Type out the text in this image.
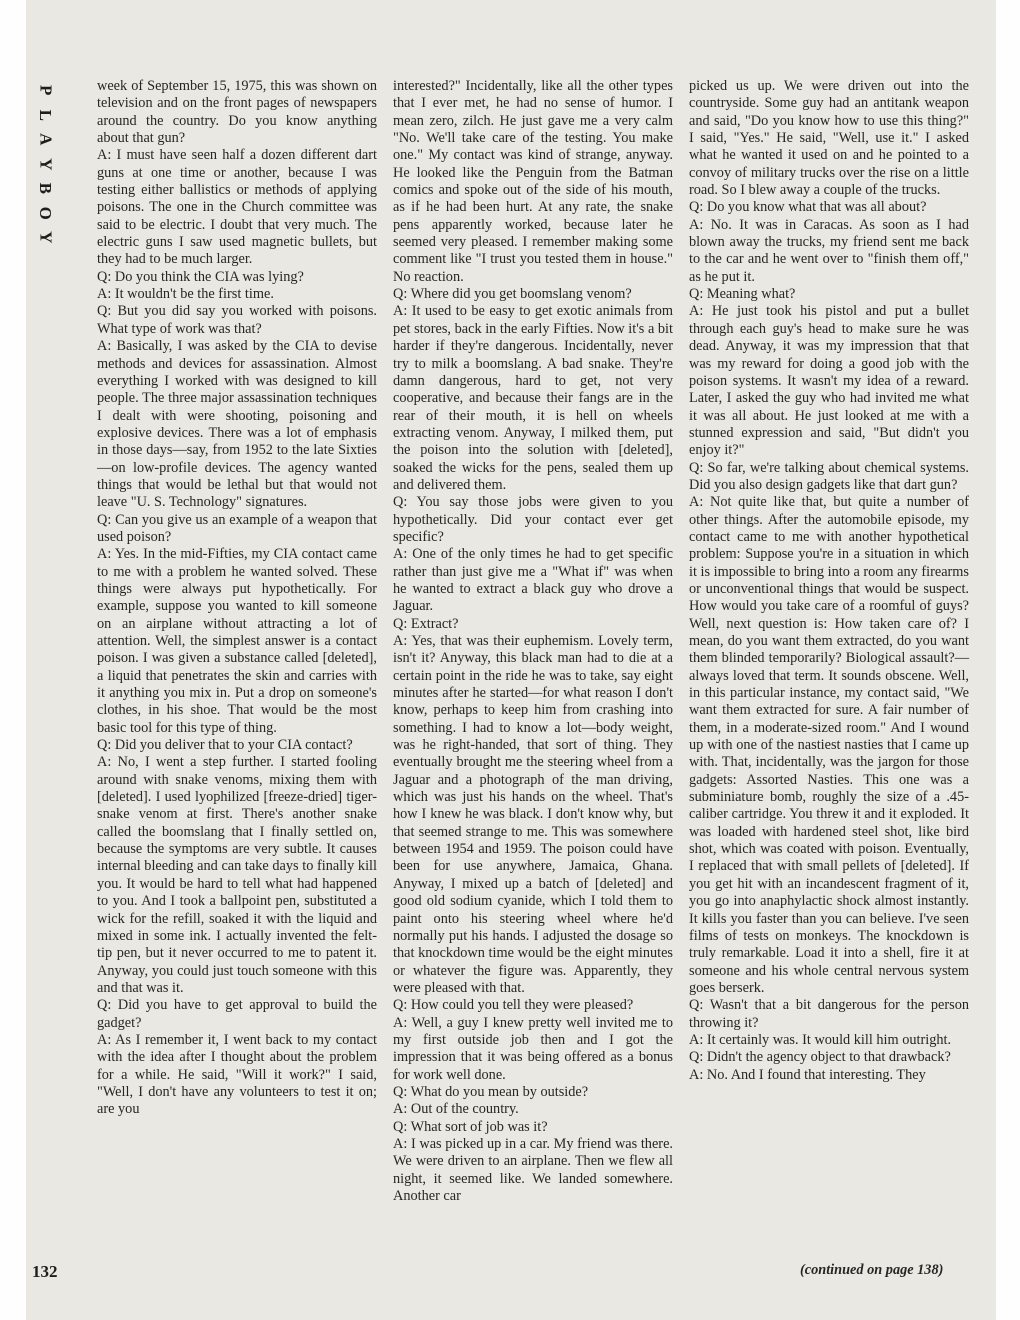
P
L
A
Y
B
O
Y
132

week of September 15, 1975, this was shown on television and on the front pages of newspapers around the country. Do you know anything about that gun?

A: I must have seen half a dozen different dart guns at one time or another, because I was testing either ballistics or methods of applying poisons. The one in the Church committee was said to be electric. I doubt that very much. The electric guns I saw used magnetic bullets, but they had to be much larger.

Q: Do you think the CIA was lying?

A: It wouldn't be the first time.

Q: But you did say you worked with poisons. What type of work was that?

A: Basically, I was asked by the CIA to devise methods and devices for assassination. Almost everything I worked with was designed to kill people. The three major assassination techniques I dealt with were shooting, poisoning and explosive devices. There was a lot of emphasis in those days—say, from 1952 to the late Sixties—on low-profile devices. The agency wanted things that would be lethal but that would not leave "U. S. Technology" signatures.

Q: Can you give us an example of a weapon that used poison?

A: Yes. In the mid-Fifties, my CIA contact came to me with a problem he wanted solved. These things were always put hypothetically. For example, suppose you wanted to kill someone on an airplane without attracting a lot of attention. Well, the simplest answer is a contact poison. I was given a substance called [deleted], a liquid that penetrates the skin and carries with it anything you mix in. Put a drop on someone's clothes, in his shoe. That would be the most basic tool for this type of thing.

Q: Did you deliver that to your CIA contact?

A: No, I went a step further. I started fooling around with snake venoms, mixing them with [deleted]. I used lyophilized [freeze-dried] tiger-snake venom at first. There's another snake called the boomslang that I finally settled on, because the symptoms are very subtle. It causes internal bleeding and can take days to finally kill you. It would be hard to tell what had happened to you. And I took a ballpoint pen, substituted a wick for the refill, soaked it with the liquid and mixed in some ink. I actually invented the felt-tip pen, but it never occurred to me to patent it. Anyway, you could just touch someone with this and that was it.

Q: Did you have to get approval to build the gadget?

A: As I remember it, I went back to my contact with the idea after I thought about the problem for a while. He said, "Will it work?" I said, "Well, I don't have any volunteers to test it on; are you

interested?" Incidentally, like all the other types that I ever met, he had no sense of humor. I mean zero, zilch. He just gave me a very calm "No. We'll take care of the testing. You make one." My contact was kind of strange, anyway. He looked like the Penguin from the Batman comics and spoke out of the side of his mouth, as if he had been hurt. At any rate, the snake pens apparently worked, because later he seemed very pleased. I remember making some comment like "I trust you tested them in house." No reaction.

Q: Where did you get boomslang venom?

A: It used to be easy to get exotic animals from pet stores, back in the early Fifties. Now it's a bit harder if they're dangerous. Incidentally, never try to milk a boomslang. A bad snake. They're damn dangerous, hard to get, not very cooperative, and because their fangs are in the rear of their mouth, it is hell on wheels extracting venom. Anyway, I milked them, put the poison into the solution with [deleted], soaked the wicks for the pens, sealed them up and delivered them.

Q: You say those jobs were given to you hypothetically. Did your contact ever get specific?

A: One of the only times he had to get specific rather than just give me a "What if" was when he wanted to extract a black guy who drove a Jaguar.

Q: Extract?

A: Yes, that was their euphemism. Lovely term, isn't it? Anyway, this black man had to die at a certain point in the ride he was to take, say eight minutes after he started—for what reason I don't know, perhaps to keep him from crashing into something. I had to know a lot—body weight, was he right-handed, that sort of thing. They eventually brought me the steering wheel from a Jaguar and a photograph of the man driving, which was just his hands on the wheel. That's how I knew he was black. I don't know why, but that seemed strange to me. This was somewhere between 1954 and 1959. The poison could have been for use anywhere, Jamaica, Ghana. Anyway, I mixed up a batch of [deleted] and good old sodium cyanide, which I told them to paint onto his steering wheel where he'd normally put his hands. I adjusted the dosage so that knockdown time would be the eight minutes or whatever the figure was. Apparently, they were pleased with that.

Q: How could you tell they were pleased?

A: Well, a guy I knew pretty well invited me to my first outside job then and I got the impression that it was being offered as a bonus for work well done.

Q: What do you mean by outside?

A: Out of the country.

Q: What sort of job was it?

A: I was picked up in a car. My friend was there. We were driven to an airplane. Then we flew all night, it seemed like. We landed somewhere. Another car

picked us up. We were driven out into the countryside. Some guy had an antitank weapon and said, "Do you know how to use this thing?" I said, "Yes." He said, "Well, use it." I asked what he wanted it used on and he pointed to a convoy of military trucks over the rise on a little road. So I blew away a couple of the trucks.

Q: Do you know what that was all about?

A: No. It was in Caracas. As soon as I had blown away the trucks, my friend sent me back to the car and he went over to "finish them off," as he put it.

Q: Meaning what?

A: He just took his pistol and put a bullet through each guy's head to make sure he was dead. Anyway, it was my impression that that was my reward for doing a good job with the poison systems. It wasn't my idea of a reward. Later, I asked the guy who had invited me what it was all about. He just looked at me with a stunned expression and said, "But didn't you enjoy it?"

Q: So far, we're talking about chemical systems. Did you also design gadgets like that dart gun?

A: Not quite like that, but quite a number of other things. After the automobile episode, my contact came to me with another hypothetical problem: Suppose you're in a situation in which it is impossible to bring into a room any firearms or unconventional things that would be suspect. How would you take care of a roomful of guys? Well, next question is: How taken care of? I mean, do you want them extracted, do you want them blinded temporarily? Biological assault?—always loved that term. It sounds obscene. Well, in this particular instance, my contact said, "We want them extracted for sure. A fair number of them, in a moderate-sized room." And I wound up with one of the nastiest nasties that I came up with. That, incidentally, was the jargon for those gadgets: Assorted Nasties. This one was a subminiature bomb, roughly the size of a .45-caliber cartridge. You threw it and it exploded. It was loaded with hardened steel shot, like bird shot, which was coated with poison. Eventually, I replaced that with small pellets of [deleted]. If you get hit with an incandescent fragment of it, you go into anaphylactic shock almost instantly. It kills you faster than you can believe. I've seen films of tests on monkeys. The knockdown is truly remarkable. Load it into a shell, fire it at someone and his whole central nervous system goes berserk.

Q: Wasn't that a bit dangerous for the person throwing it?

A: It certainly was. It would kill him outright.

Q: Didn't the agency object to that drawback?

A: No. And I found that interesting. They

(continued on page 138)
